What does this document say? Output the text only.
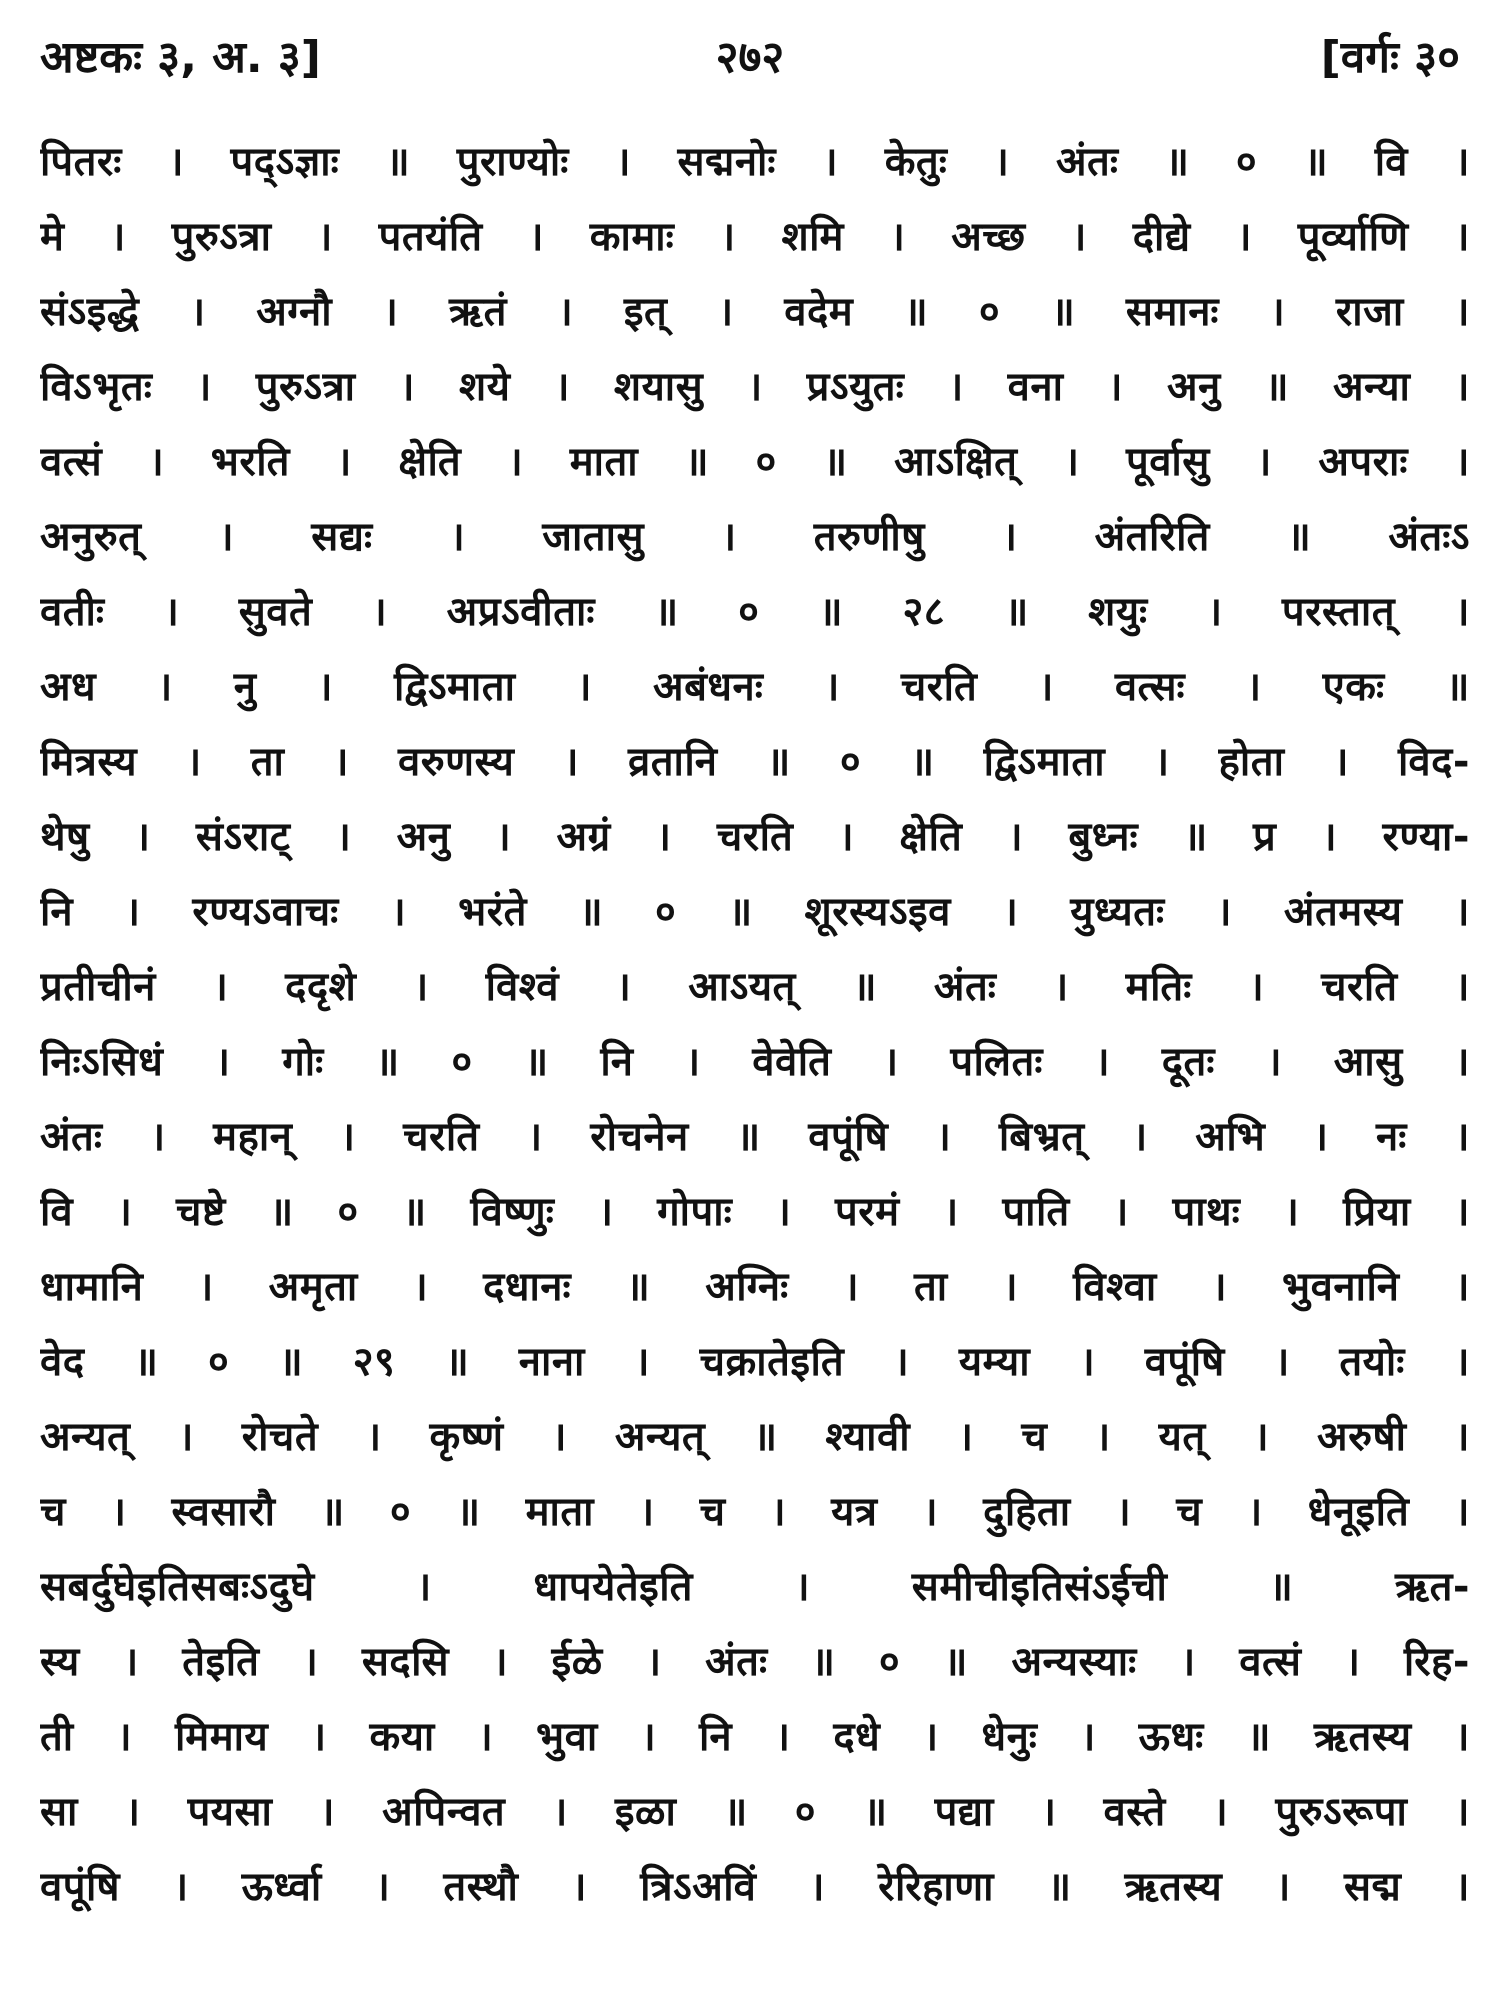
अष्टकः ३, अ. ३]	२७२	[वर्गः ३०
पितरः । पद्ऽज्ञाः ॥ पुराण्योः । सद्मनोः । केतुः । अंतः ॥ ० ॥ वि ।
मे । पुरुऽत्रा । पतयंति । कामाः । शमि । अच्छ । दीद्ये । पूर्व्याणि ।
संऽइद्धे । अग्नौ । ऋतं । इत् । वदेम ॥ ० ॥ समानः । राजा ।
विऽभृतः । पुरुऽत्रा । शये । शयासु । प्रऽयुतः । वना । अनु ॥ अन्या ।
वत्सं । भरति । क्षेति । माता ॥ ० ॥ आऽक्षित् । पूर्वासु । अपराः ।
अनुरुत् । सद्यः । जातासु । तरुणीषु । अंतरिति ॥ अंतःऽ
वतीः । सुवते । अप्रऽवीताः ॥ ० ॥ २८ ॥ शयुः । परस्तात् ।
अध । नु । द्विऽमाता । अबंधनः । चरति । वत्सः । एकः ॥
मित्रस्य । ता । वरुणस्य । व्रतानि ॥ ० ॥ द्विऽमाता । होता । विद-
थेषु । संऽराट् । अनु । अग्रं । चरति । क्षेति । बुध्नः ॥ प्र । रण्या-
नि । रण्यऽवाचः । भरंते ॥ ० ॥ शूरस्यऽइव । युध्यतः । अंतमस्य ।
प्रतीचीनं । ददृशे । विश्वं । आऽयत् ॥ अंतः । मतिः । चरति ।
निःऽसिधं । गोः ॥ ० ॥ नि । वेवेति । पलितः । दूतः । आसु ।
अंतः । महान् । चरति । रोचनेन ॥ वपूंषि । बिभ्रत् । अभि । नः ।
वि । चष्टे ॥ ० ॥ विष्णुः । गोपाः । परमं । पाति । पाथः । प्रिया ।
धामानि । अमृता । दधानः ॥ अग्निः । ता । विश्वा । भुवनानि ।
वेद ॥ ० ॥ २९ ॥ नाना । चक्रातेइति । यम्या । वपूंषि । तयोः ।
अन्यत् । रोचते । कृष्णं । अन्यत् ॥ श्यावी । च । यत् । अरुषी ।
च । स्वसारौ ॥ ० ॥ माता । च । यत्र । दुहिता । च । धेनूइति ।
सबर्दुघेइतिसबःऽदुघे । धापयेतेइति । समीचीइतिसंऽईची ॥ ऋत-
स्य । तेइति । सदसि । ईळे । अंतः ॥ ० ॥ अन्यस्याः । वत्सं । रिह-
ती । मिमाय । कया । भुवा । नि । दधे । धेनुः । ऊधः ॥ ऋतस्य ।
सा । पयसा । अपिन्वत । इळा ॥ ० ॥ पद्या । वस्ते । पुरुऽरूपा ।
वपूंषि । ऊर्ध्वा । तस्थौ । त्रिऽअविं । रेरिहाणा ॥ ऋतस्य । सद्म ।
